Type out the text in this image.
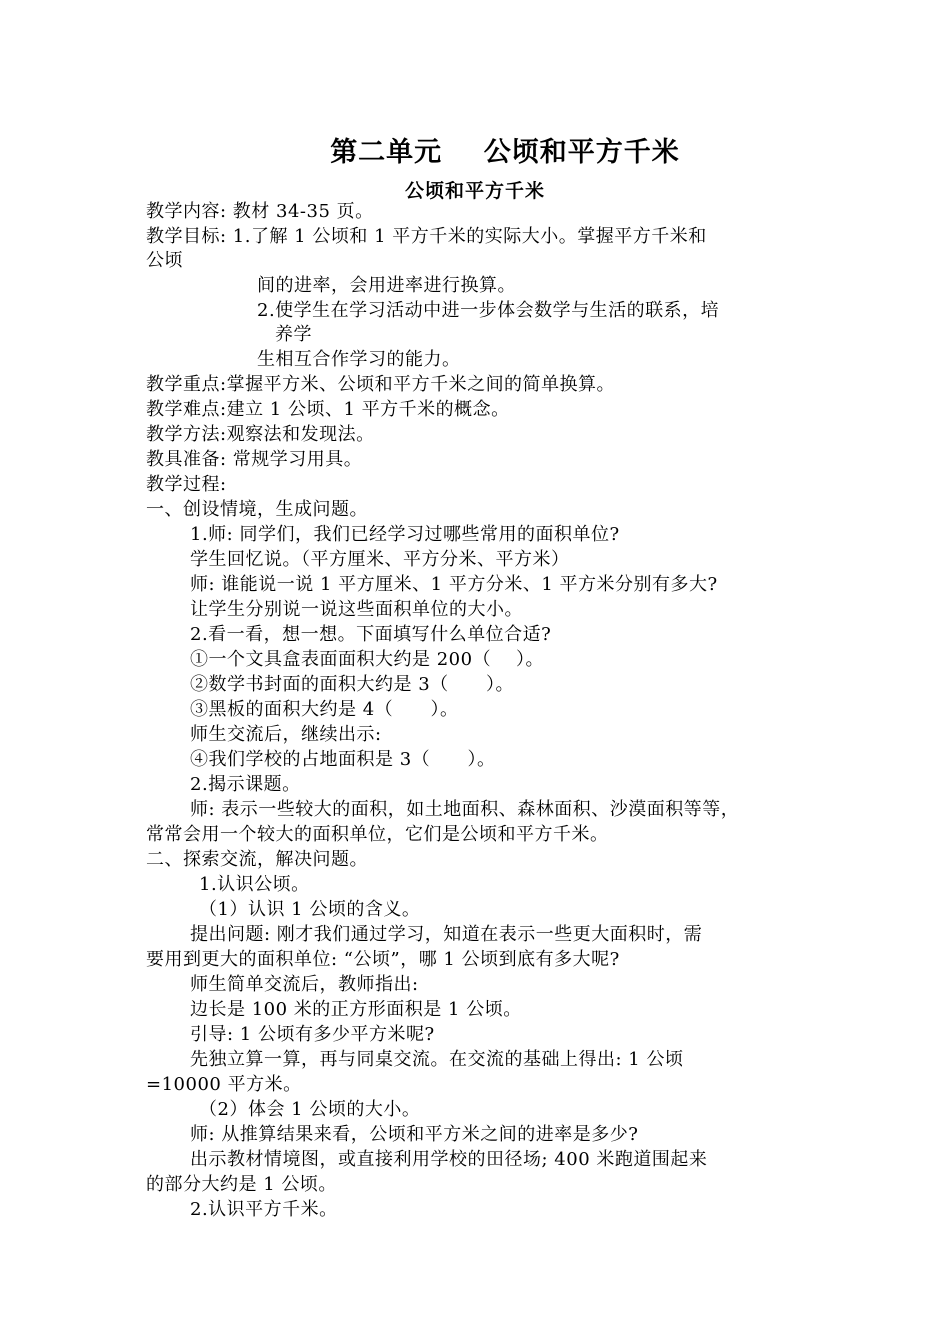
第二单元    公顷和平方千米
公顷和平方千米
教学内容: 教材 34-35 页。
教学目标: 1.了解 1 公顷和 1 平方千米的实际大小。掌握平方千米和
公顷
间的进率，会用进率进行换算。
2.使学生在学习活动中进一步体会数学与生活的联系，培
养学
生相互合作学习的能力。
教学重点:掌握平方米、公顷和平方千米之间的简单换算。
教学难点:建立 1 公顷、1 平方千米的概念。
教学方法:观察法和发现法。
教具准备: 常规学习用具。
教学过程:
一、创设情境，生成问题。
1.师: 同学们，我们已经学习过哪些常用的面积单位?
学生回忆说。（平方厘米、平方分米、平方米）
师: 谁能说一说 1 平方厘米、1 平方分米、1 平方米分别有多大?
让学生分别说一说这些面积单位的大小。
2.看一看，想一想。下面填写什么单位合适?
①一个文具盒表面面积大约是 200（    ）。
②数学书封面的面积大约是 3（      ）。
③黑板的面积大约是 4（      ）。
师生交流后，继续出示:
④我们学校的占地面积是 3（      ）。
2.揭示课题。
师: 表示一些较大的面积，如土地面积、森林面积、沙漠面积等等，
常常会用一个较大的面积单位，它们是公顷和平方千米。
二、探索交流，解决问题。
1.认识公顷。
（1）认识 1 公顷的含义。
提出问题: 刚才我们通过学习，知道在表示一些更大面积时，需
要用到更大的面积单位: “公顷”，哪 1 公顷到底有多大呢?
师生简单交流后，教师指出:
边长是 100 米的正方形面积是 1 公顷。
引导: 1 公顷有多少平方米呢?
先独立算一算，再与同桌交流。在交流的基础上得出: 1 公顷
=10000 平方米。
（2）体会 1 公顷的大小。
师: 从推算结果来看，公顷和平方米之间的进率是多少?
出示教材情境图，或直接利用学校的田径场; 400 米跑道围起来
的部分大约是 1 公顷。
2.认识平方千米。
